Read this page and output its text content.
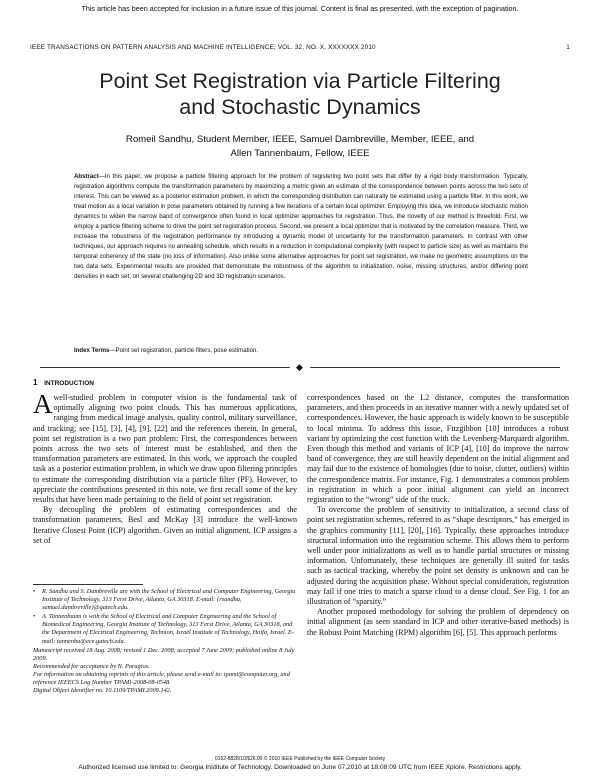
This article has been accepted for inclusion in a future issue of this journal. Content is final as presented, with the exception of pagination.
IEEE TRANSACTIONS ON PATTERN ANALYSIS AND MACHINE INTELLIGENCE, VOL. 32, NO. X, XXXXXXX 2010	1
Point Set Registration via Particle Filtering
and Stochastic Dynamics
Romeil Sandhu, Student Member, IEEE, Samuel Dambreville, Member, IEEE, and
Allen Tannenbaum, Fellow, IEEE
Abstract—In this paper, we propose a particle filtering approach for the problem of registering two point sets that differ by a rigid body transformation. Typically, registration algorithms compute the transformation parameters by maximizing a metric given an estimate of the correspondence between points across the two sets of interest. This can be viewed as a posterior estimation problem, in which the corresponding distribution can naturally be estimated using a particle filter. In this work, we treat motion as a local variation in pose parameters obtained by running a few iterations of a certain local optimizer. Employing this idea, we introduce stochastic motion dynamics to widen the narrow band of convergence often found in local optimizer approaches for registration. Thus, the novelty of our method is threefold: First, we employ a particle filtering scheme to drive the point set registration process. Second, we present a local optimizer that is motivated by the correlation measure. Third, we increase the robustness of the registration performance by introducing a dynamic model of uncertainty for the transformation parameters. In contrast with other techniques, our approach requires no annealing schedule, which results in a reduction in computational complexity (with respect to particle size) as well as maintains the temporal coherency of the state (no loss of information). Also unlike some alternative approaches for point set registration, we make no geometric assumptions on the two data sets. Experimental results are provided that demonstrate the robustness of the algorithm to initialization, noise, missing structures, and/or differing point densities in each set, on several challenging 2D and 3D registration scenarios.
Index Terms—Point set registration, particle filters, pose estimation.
◆
1 INTRODUCTION

Awell-studied problem in computer vision is the fundamental task of optimally aligning two point clouds. This has numerous applications, ranging from medical image analysis, quality control, military surveillance, and tracking; see [15], [3], [4], [9], [22] and the references therein. In general, point set registration is a two part problem: First, the correspondences between points across the two sets of interest must be established, and then the transformation parameters are estimated. In this work, we approach the coupled task as a posterior estimation problem, in which we draw upon filtering principles to estimate the corresponding distribution via a particle filter (PF). However, to appreciate the contributions presented in this note, we first recall some of the key results that have been made pertaining to the field of point set registration.

By decoupling the problem of estimating correspondences and the transformation parameters, Besl and McKay [3] introduce the well-known Iterative Closest Point (ICP) algorithm. Given an initial alignment, ICP assigns a set of

• R. Sandhu and S. Dambreville are with the School of Electrical and Computer Engineering, Georgia Institute of Technology, 313 Ferst Drive, Atlanta, GA 30318. E-mail: {rsandhu, samuel.dambreville}@gatech.edu.
• A. Tannenbaum is with the School of Electrical and Computer Engineering and the School of Biomedical Engineering, Georgia Institute of Technology, 313 Ferst Drive, Atlanta, GA 30318, and the Department of Electrical Engineering, Technion, Israel Institute of Technology, Haifa, Israel. E-mail: tannenba@ece.gatech.edu.

Manuscript received 18 Aug. 2008; revised 1 Dec. 2008; accepted 7 June 2009; published online 8 July 2009.

Recommended for acceptance by N. Paragios.

For information on obtaining reprints of this article, please send e-mail to: tpami@computer.org, and reference IEEECS Log Number TPAMI-2008-08-0548.

Digital Object Identifier no. 10.1109/TPAMI.2009.142.

correspondences based on the L2 distance, computes the transformation parameters, and then proceeds in an iterative manner with a newly updated set of correspondences. However, the basic approach is widely known to be susceptible to local minima. To address this issue, Fitzgibbon [10] introduces a robust variant by optimizing the cost function with the Levenberg-Marquardt algorithm. Even though this method and variants of ICP [4], [10] do improve the narrow band of convergence, they are still heavily dependent on the initial alignment and may fail due to the existence of homologies (due to noise, clutter, outliers) within the correspondence matrix. For instance, Fig. 1 demonstrates a common problem in registration in which a poor initial alignment can yield an incorrect registration to the “wrong” side of the truck.

To overcome the problem of sensitivity to initialization, a second class of point set registration schemes, referred to as “shape descriptors,” has emerged in the graphics community [11], [20], [16]. Typically, these approaches introduce structural information into the registration scheme. This allows them to perform well under poor initializations as well as to handle partial structures or missing information. Unfortunately, these techniques are generally ill suited for tasks such as tactical tracking, whereby the point set density is unknown and can be adjusted during the acquisition phase. Without special consideration, registration may fail if one tries to match a sparse cloud to a dense cloud. See Fig. 1 for an illustration of “sparsity.”

Another proposed methodology for solving the problem of dependency on initial alignment (as seen standard in ICP and other iterative-based methods) is the Robust Point Matching (RPM) algorithm [6], [5]. This approach performs

0162-8828/10/$26.00 © 2010 IEEE Published by the IEEE Computer Society
Authorized licensed use limited to: Georgia Institute of Technology. Downloaded on June 07,2010 at 18:08:09 UTC from IEEE Xplore. Restrictions apply.
